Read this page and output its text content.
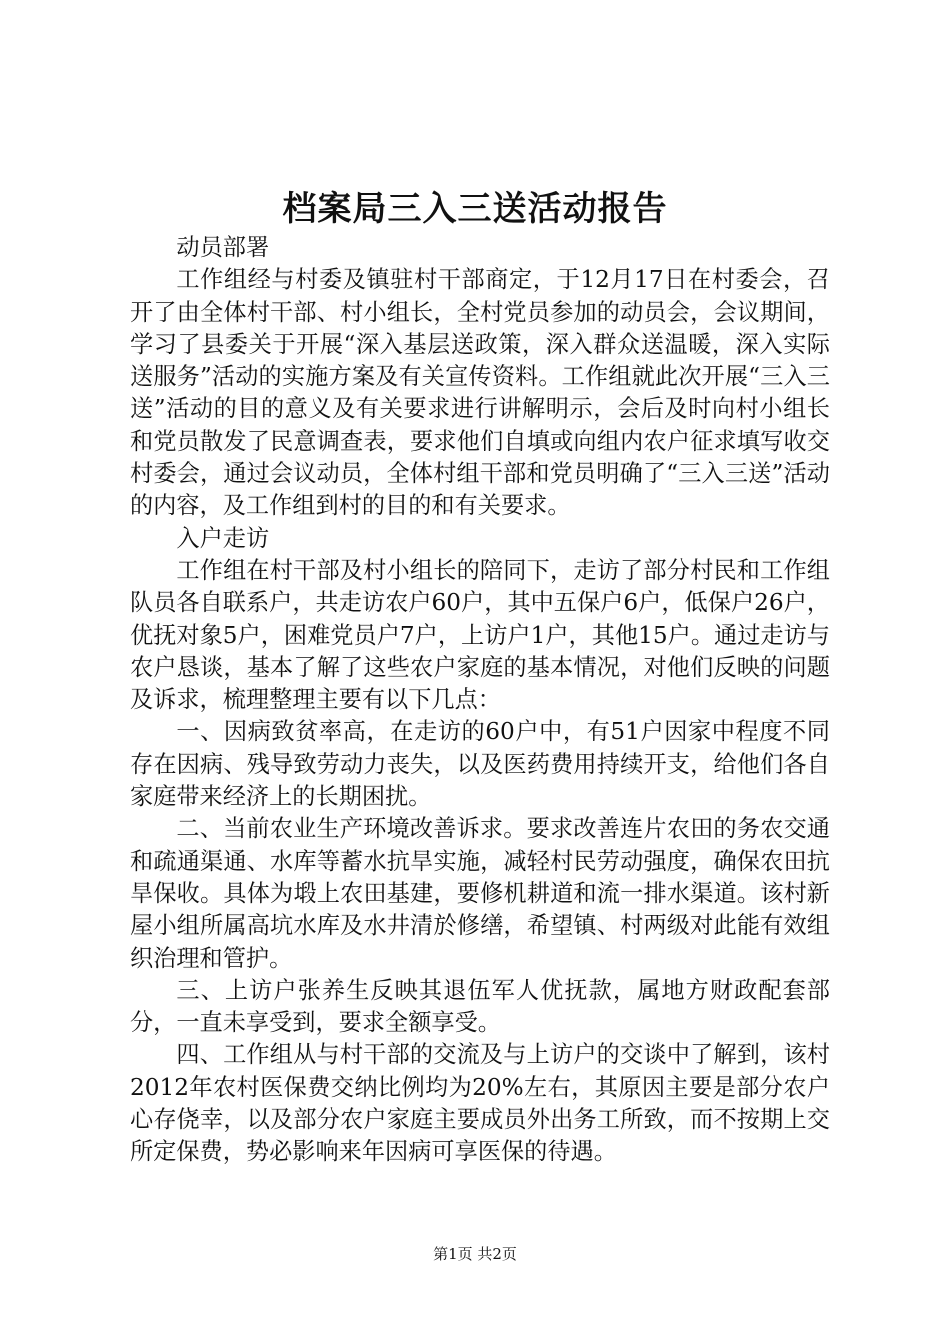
档案局三入三送活动报告

动员部署

工作组经与村委及镇驻村干部商定，于12月17日在村委会，召开了由全体村干部、村小组长，全村党员参加的动员会，会议期间，学习了县委关于开展“深入基层送政策，深入群众送温暖，深入实际送服务”活动的实施方案及有关宣传资料。工作组就此次开展“三入三送”活动的目的意义及有关要求进行讲解明示，会后及时向村小组长和党员散发了民意调查表，要求他们自填或向组内农户征求填写收交村委会，通过会议动员，全体村组干部和党员明确了“三入三送”活动的内容，及工作组到村的目的和有关要求。

入户走访

工作组在村干部及村小组长的陪同下，走访了部分村民和工作组队员各自联系户，共走访农户60户，其中五保户6户，低保户26户，优抚对象5户，困难党员户7户，上访户1户，其他15户。通过走访与农户恳谈，基本了解了这些农户家庭的基本情况，对他们反映的问题及诉求，梳理整理主要有以下几点：

一、因病致贫率高，在走访的60户中，有51户因家中程度不同存在因病、残导致劳动力丧失，以及医药费用持续开支，给他们各自家庭带来经济上的长期困扰。

二、当前农业生产环境改善诉求。要求改善连片农田的务农交通和疏通渠通、水库等蓄水抗旱实施，减轻村民劳动强度，确保农田抗旱保收。具体为塅上农田基建，要修机耕道和流一排水渠道。该村新屋小组所属高坑水库及水井清於修缮，希望镇、村两级对此能有效组织治理和管护。

三、上访户张养生反映其退伍军人优抚款，属地方财政配套部分，一直未享受到，要求全额享受。

四、工作组从与村干部的交流及与上访户的交谈中了解到，该村2012年农村医保费交纳比例均为20%左右，其原因主要是部分农户心存侥幸，以及部分农户家庭主要成员外出务工所致，而不按期上交所定保费，势必影响来年因病可享医保的待遇。

第1页 共2页
